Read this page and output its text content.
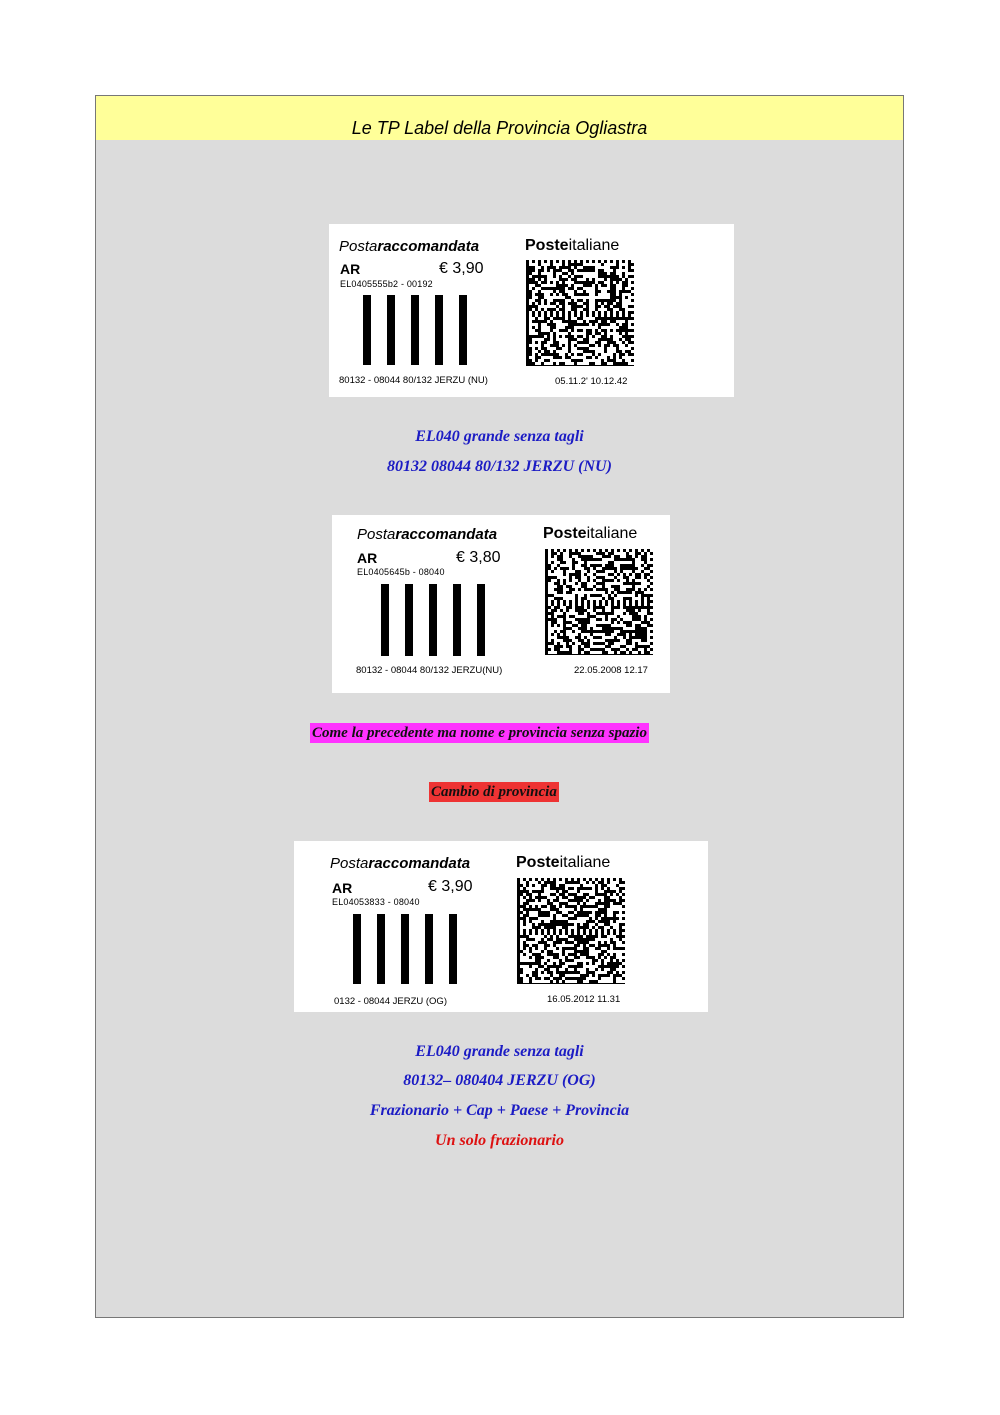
Le TP Label della Provincia Ogliastra
Postaraccomandata
AR	€ 3,90
EL0405555b2 - 00192
80132 - 08044 80/132 JERZU (NU)
Posteitaliane
05.11.2' 10.12.42
EL040 grande senza tagli
80132 08044 80/132 JERZU (NU)
Postaraccomandata
AR	€ 3,80
EL0405645b - 08040
80132 - 08044 80/132 JERZU(NU)
Posteitaliane
22.05.2008 12.17
Come la precedente ma nome e provincia senza spazio
Cambio di provincia
Postaraccomandata
AR	€ 3,90
EL04053833 - 08040
0132 - 08044 JERZU (OG)
Posteitaliane
16.05.2012 11.31
EL040 grande senza tagli
80132– 080404 JERZU (OG)
Frazionario + Cap + Paese + Provincia
Un solo frazionario
